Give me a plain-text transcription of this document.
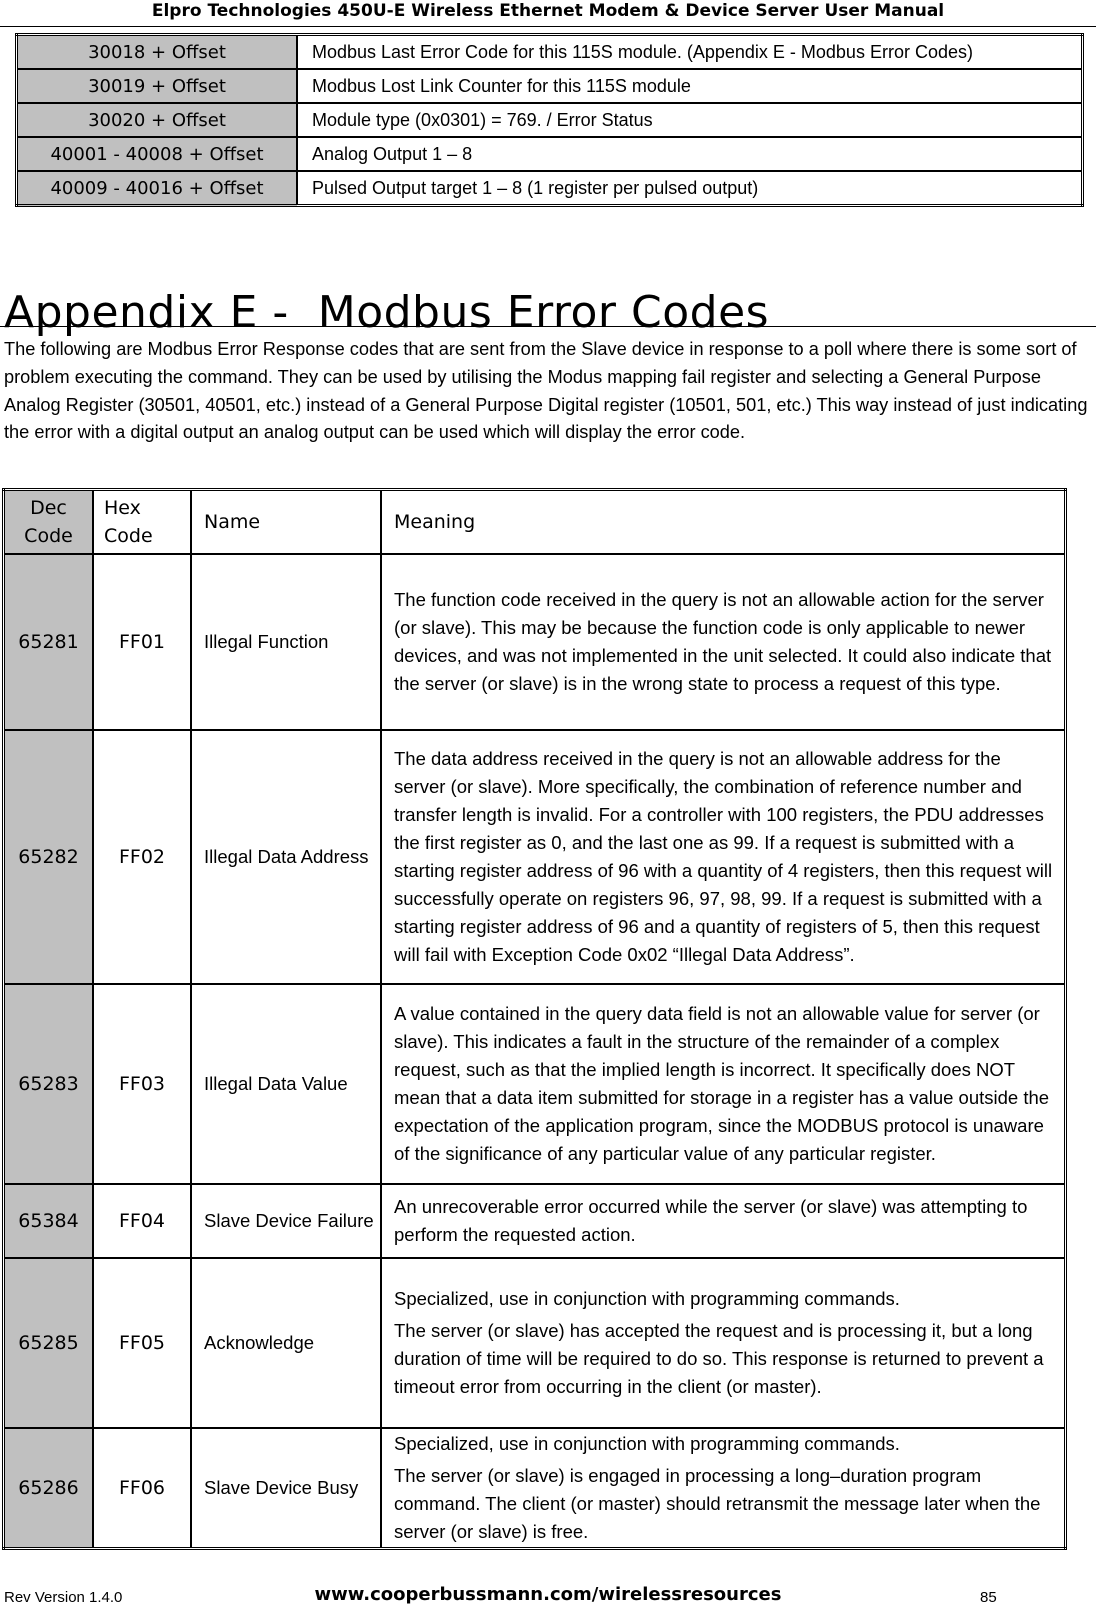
Elpro Technologies 450U-E Wireless Ethernet Modem & Device Server User Manual
30018 + Offset	Modbus Last Error Code for this 115S module. (Appendix E - Modbus Error Codes)
30019 + Offset	Modbus Lost Link Counter for this 115S module
30020 + Offset	Module type (0x0301) = 769. / Error Status
40001 - 40008 + Offset	Analog Output 1 – 8
40009 - 40016 + Offset	Pulsed Output target 1 – 8 (1 register per pulsed output)
Appendix E -  Modbus Error Codes

The following are Modbus Error Response codes that are sent from the Slave device in response to a poll where there is some sort of problem executing the command. They can be used by utilising the Modus mapping fail register and selecting a General Purpose Analog Register (30501, 40501, etc.) instead of a General Purpose Digital register (10501, 501, etc.) This way instead of just indicating the error with a digital output an analog output can be used which will display the error code.

Dec Code	Hex Code	Name	Meaning
65281	FF01	Illegal Function	The function code received in the query is not an allowable action for the server (or slave). This may be because the function code is only applicable to newer devices, and was not implemented in the unit selected. It could also indicate that the server (or slave) is in the wrong state to process a request of this type.
65282	FF02	Illegal Data Address	The data address received in the query is not an allowable address for the server (or slave). More specifically, the combination of reference number and transfer length is invalid. For a controller with 100 registers, the PDU addresses the first register as 0, and the last one as 99. If a request is submitted with a starting register address of 96 with a quantity of 4 registers, then this request will successfully operate on registers 96, 97, 98, 99. If a request is submitted with a starting register address of 96 and a quantity of registers of 5, then this request will fail with Exception Code 0x02 “Illegal Data Address”.
65283	FF03	Illegal Data Value	A value contained in the query data field is not an allowable value for server (or slave). This indicates a fault in the structure of the remainder of a complex request, such as that the implied length is incorrect. It specifically does NOT mean that a data item submitted for storage in a register has a value outside the expectation of the application program, since the MODBUS protocol is unaware of the significance of any particular value of any particular register.
65384	FF04	Slave Device Failure	An unrecoverable error occurred while the server (or slave) was attempting to perform the requested action.
65285	FF05	Acknowledge	Specialized, use in conjunction with programming commands.
The server (or slave) has accepted the request and is processing it, but a long duration of time will be required to do so. This response is returned to prevent a timeout error from occurring in the client (or master).

65286	FF06	Slave Device Busy	Specialized, use in conjunction with programming commands.
The server (or slave) is engaged in processing a long–duration program command. The client (or master) should retransmit the message later when the server (or slave) is free.
Rev Version 1.4.0	www.cooperbussmann.com/wirelessresources	85
